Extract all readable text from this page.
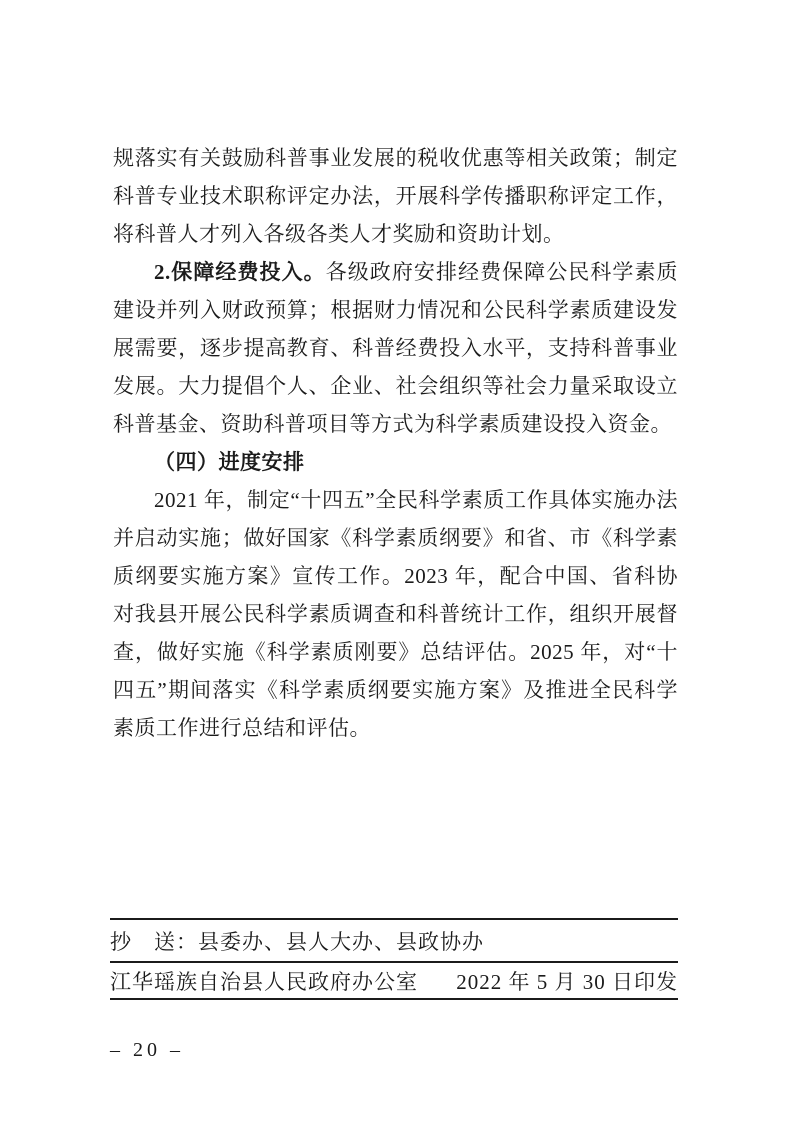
规落实有关鼓励科普事业发展的税收优惠等相关政策；制定科普专业技术职称评定办法，开展科学传播职称评定工作，将科普人才列入各级各类人才奖励和资助计划。

2.保障经费投入。各级政府安排经费保障公民科学素质建设并列入财政预算；根据财力情况和公民科学素质建设发展需要，逐步提高教育、科普经费投入水平，支持科普事业发展。大力提倡个人、企业、社会组织等社会力量采取设立科普基金、资助科普项目等方式为科学素质建设投入资金。

（四）进度安排

2021 年，制定“十四五”全民科学素质工作具体实施办法并启动实施；做好国家《科学素质纲要》和省、市《科学素质纲要实施方案》宣传工作。2023 年，配合中国、省科协对我县开展公民科学素质调查和科普统计工作，组织开展督查，做好实施《科学素质刚要》总结评估。2025 年，对“十四五”期间落实《科学素质纲要实施方案》及推进全民科学素质工作进行总结和评估。

抄　送： 县委办、县人大办、县政协办
江华瑶族自治县人民政府办公室 2022 年 5 月 30 日印发
– 20 –
